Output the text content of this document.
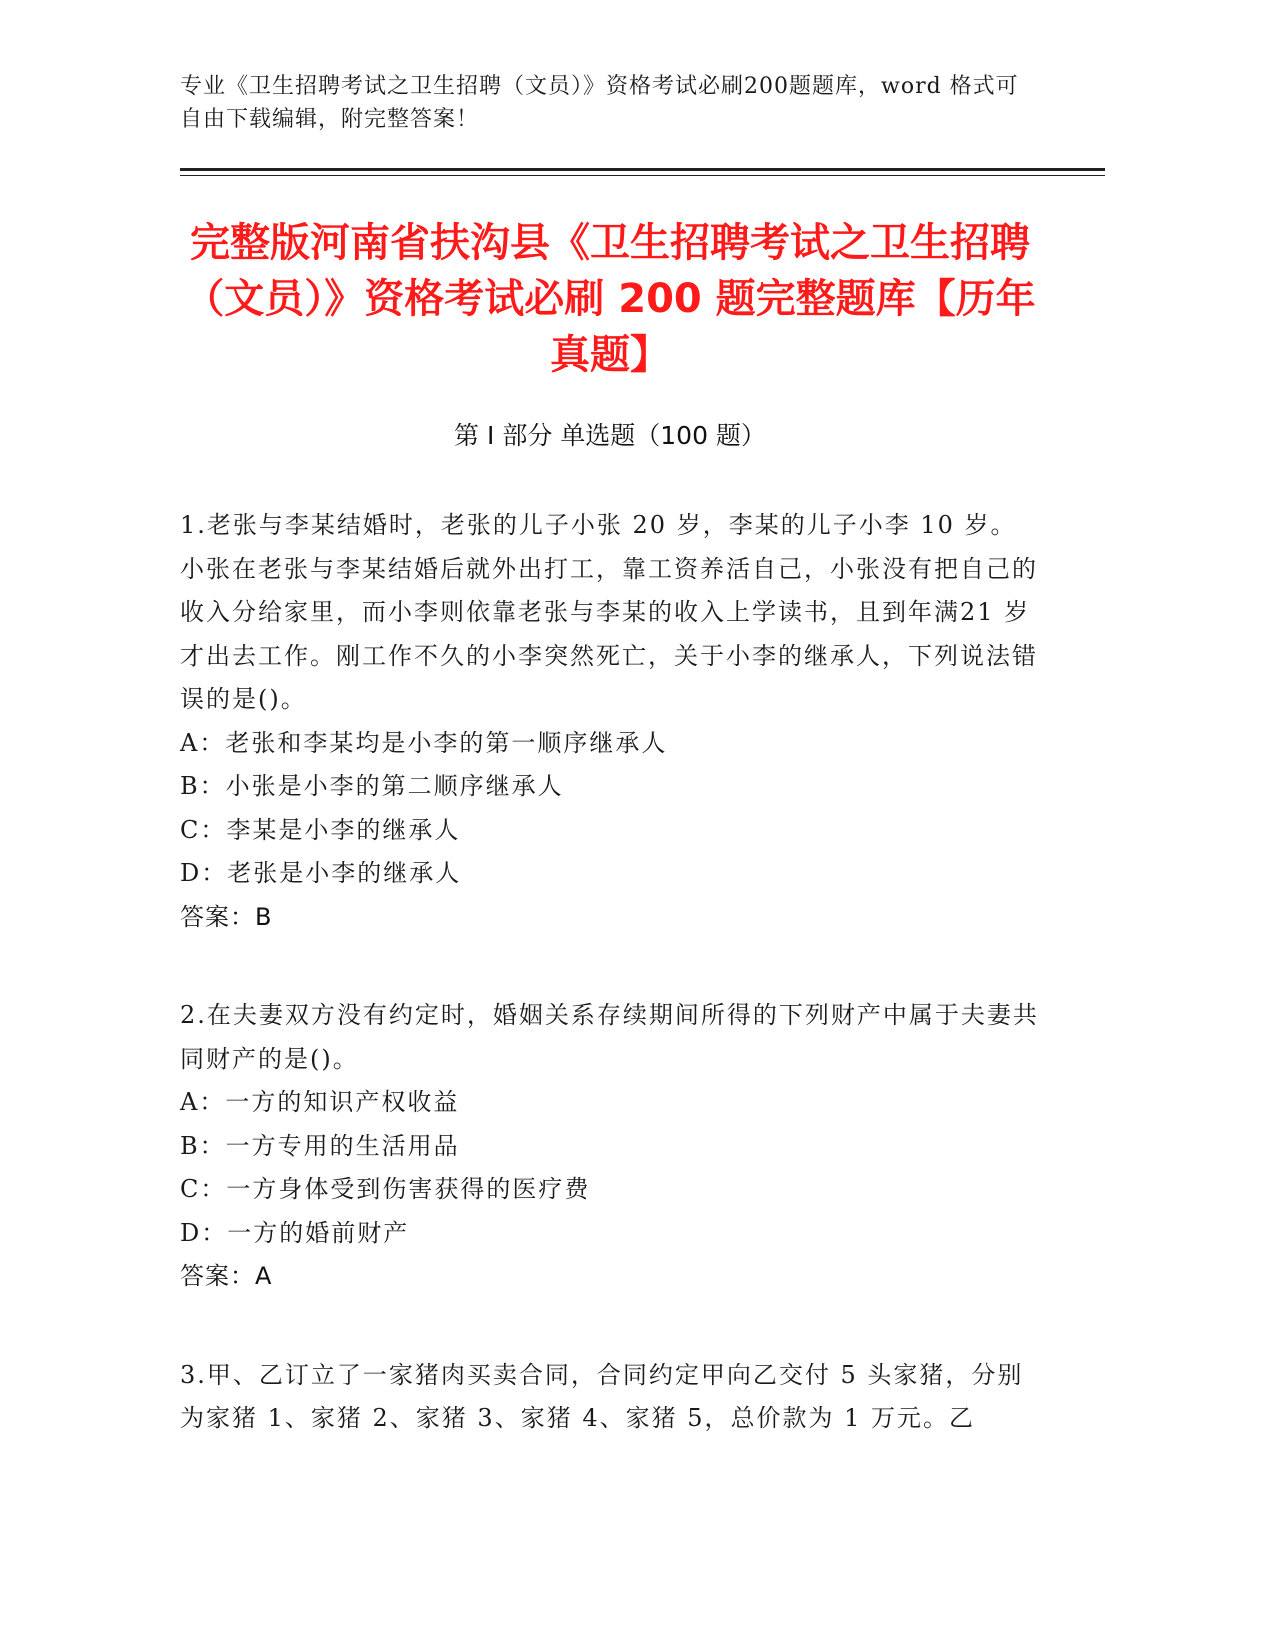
专业《卫生招聘考试之卫生招聘（文员）》资格考试必刷200题题库，word 格式可自由下载编辑，附完整答案！
完整版河南省扶沟县《卫生招聘考试之卫生招聘（文员）》资格考试必刷 200 题完整题库【历年真题】
第 I 部分 单选题（100 题）

1.老张与李某结婚时，老张的儿子小张 20 岁，李某的儿子小李 10 岁。小张在老张与李某结婚后就外出打工，靠工资养活自己，小张没有把自己的收入分给家里，而小李则依靠老张与李某的收入上学读书，且到年满21 岁才出去工作。刚工作不久的小李突然死亡，关于小李的继承人，下列说法错误的是()。

A：老张和李某均是小李的第一顺序继承人

B：小张是小李的第二顺序继承人

C：李某是小李的继承人

D：老张是小李的继承人

答案：B

2.在夫妻双方没有约定时，婚姻关系存续期间所得的下列财产中属于夫妻共同财产的是()。

A：一方的知识产权收益

B：一方专用的生活用品

C：一方身体受到伤害获得的医疗费

D：一方的婚前财产

答案：A

3.甲、乙订立了一家猪肉买卖合同，合同约定甲向乙交付 5 头家猪，分别为家猪 1、家猪 2、家猪 3、家猪 4、家猪 5，总价款为 1 万元。乙
